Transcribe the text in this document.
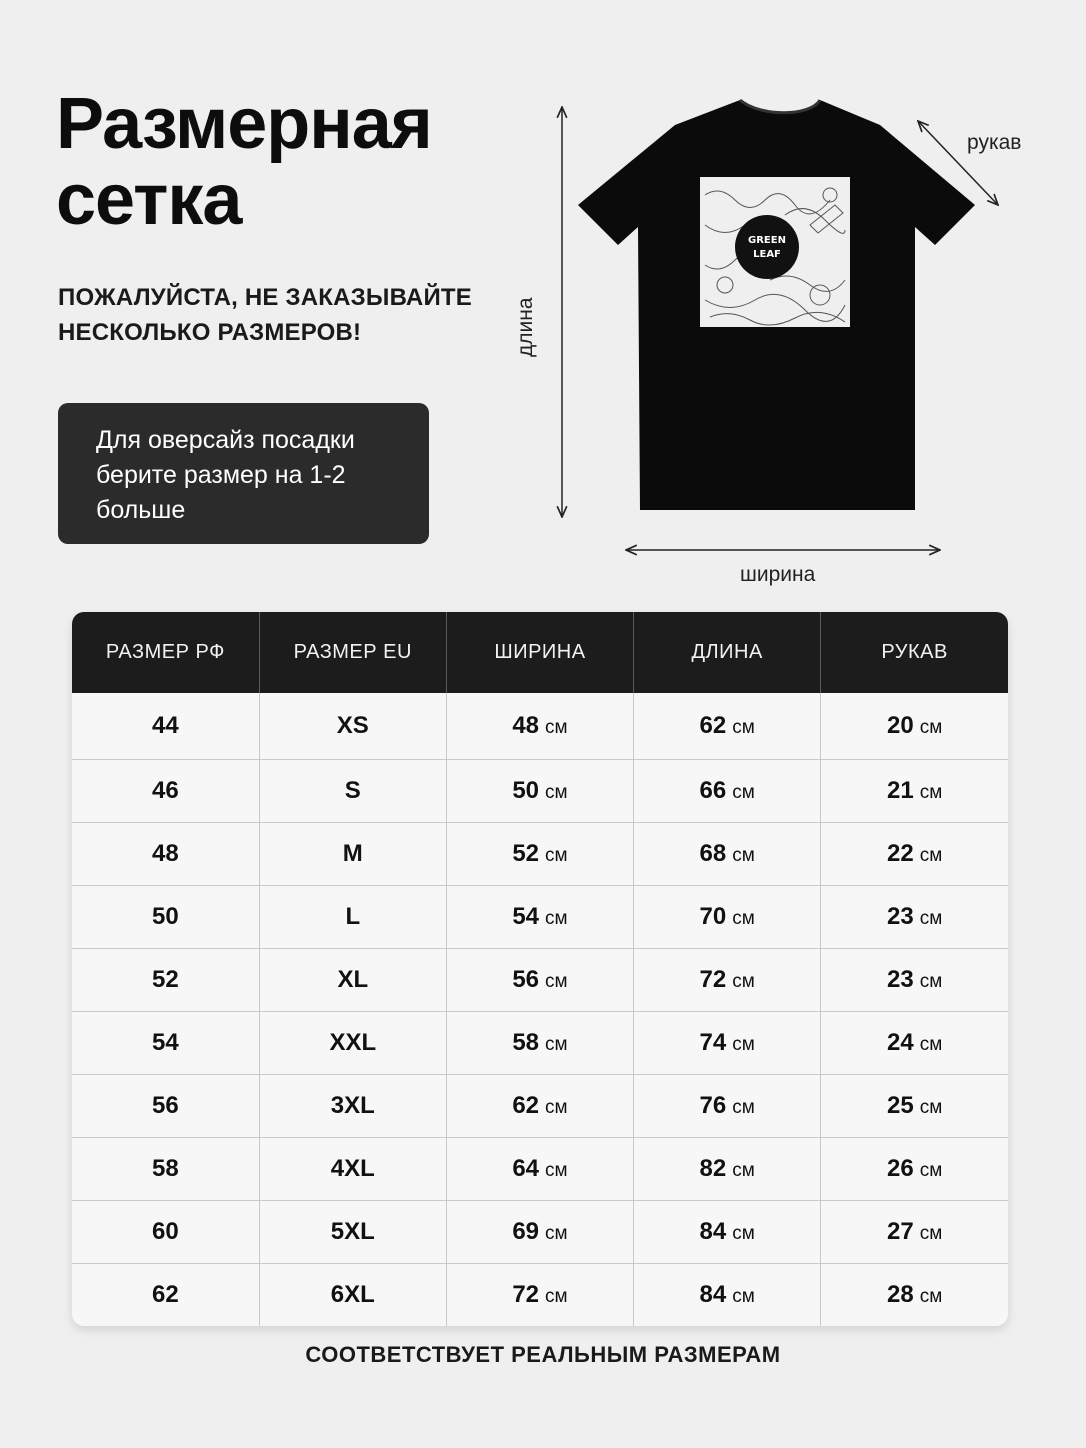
Размерная
сетка
ПОЖАЛУЙСТА, НЕ ЗАКАЗЫВАЙТЕ
НЕСКОЛЬКО РАЗМЕРОВ!
Для оверсайз посадки
берите размер на 1-2
больше
GREEN
LEAF
рукав
ширина
длина
РАЗМЕР РФ	РАЗМЕР EU	ШИРИНА	ДЛИНА	РУКАВ
44	XS	48 см	62 см	20 см
46	S	50 см	66 см	21 см
48	M	52 см	68 см	22 см
50	L	54 см	70 см	23 см
52	XL	56 см	72 см	23 см
54	XXL	58 см	74 см	24 см
56	3XL	62 см	76 см	25 см
58	4XL	64 см	82 см	26 см
60	5XL	69 см	84 см	27 см
62	6XL	72 см	84 см	28 см
СООТВЕТСТВУЕТ РЕАЛЬНЫМ РАЗМЕРАМ
